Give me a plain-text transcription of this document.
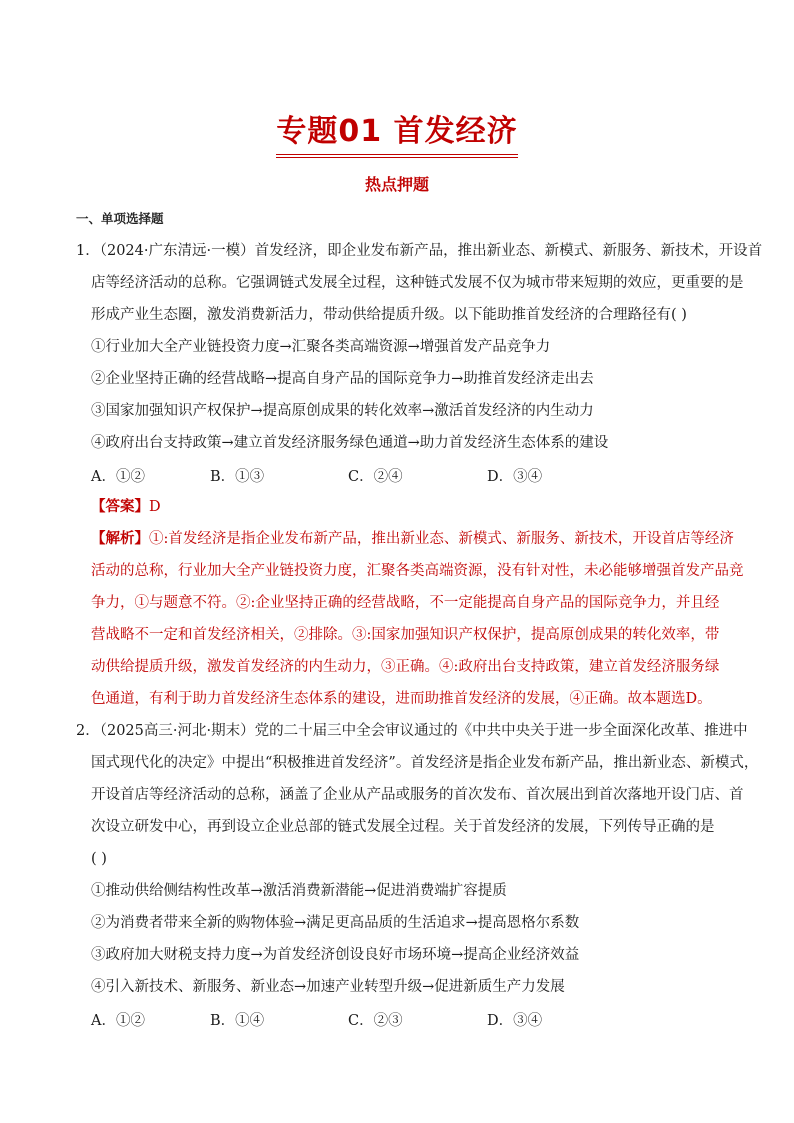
专题01 首发经济
热点押题
一、单项选择题
1．（2024·广东清远·一模）首发经济，即企业发布新产品，推出新业态、新模式、新服务、新技术，开设首
店等经济活动的总称。它强调链式发展全过程，这种链式发展不仅为城市带来短期的效应，更重要的是
形成产业生态圈，激发消费新活力，带动供给提质升级。以下能助推首发经济的合理路径有( )
①行业加大全产业链投资力度→汇聚各类高端资源→增强首发产品竞争力
②企业坚持正确的经营战略→提高自身产品的国际竞争力→助推首发经济走出去
③国家加强知识产权保护→提高原创成果的转化效率→激活首发经济的内生动力
④政府出台支持政策→建立首发经济服务绿色通道→助力首发经济生态体系的建设
A．①②	B．①③	C．②④	D．③④
【答案】D
【解析】①:首发经济是指企业发布新产品，推出新业态、新模式、新服务、新技术，开设首店等经济
活动的总称，行业加大全产业链投资力度，汇聚各类高端资源，没有针对性，未必能够增强首发产品竞
争力，①与题意不符。②:企业坚持正确的经营战略，不一定能提高自身产品的国际竞争力，并且经
营战略不一定和首发经济相关，②排除。③:国家加强知识产权保护，提高原创成果的转化效率，带
动供给提质升级，激发首发经济的内生动力，③正确。④:政府出台支持政策，建立首发经济服务绿
色通道，有利于助力首发经济生态体系的建设，进而助推首发经济的发展，④正确。故本题选D。
2．（2025高三·河北·期末）党的二十届三中全会审议通过的《中共中央关于进一步全面深化改革、推进中
国式现代化的决定》中提出“积极推进首发经济”。首发经济是指企业发布新产品，推出新业态、新模式，
开设首店等经济活动的总称，涵盖了企业从产品或服务的首次发布、首次展出到首次落地开设门店、首
次设立研发中心，再到设立企业总部的链式发展全过程。关于首发经济的发展，下列传导正确的是
( )
①推动供给侧结构性改革→激活消费新潜能→促进消费端扩容提质
②为消费者带来全新的购物体验→满足更高品质的生活追求→提高恩格尔系数
③政府加大财税支持力度→为首发经济创设良好市场环境→提高企业经济效益
④引入新技术、新服务、新业态→加速产业转型升级→促进新质生产力发展
A．①②	B．①④	C．②③	D．③④
